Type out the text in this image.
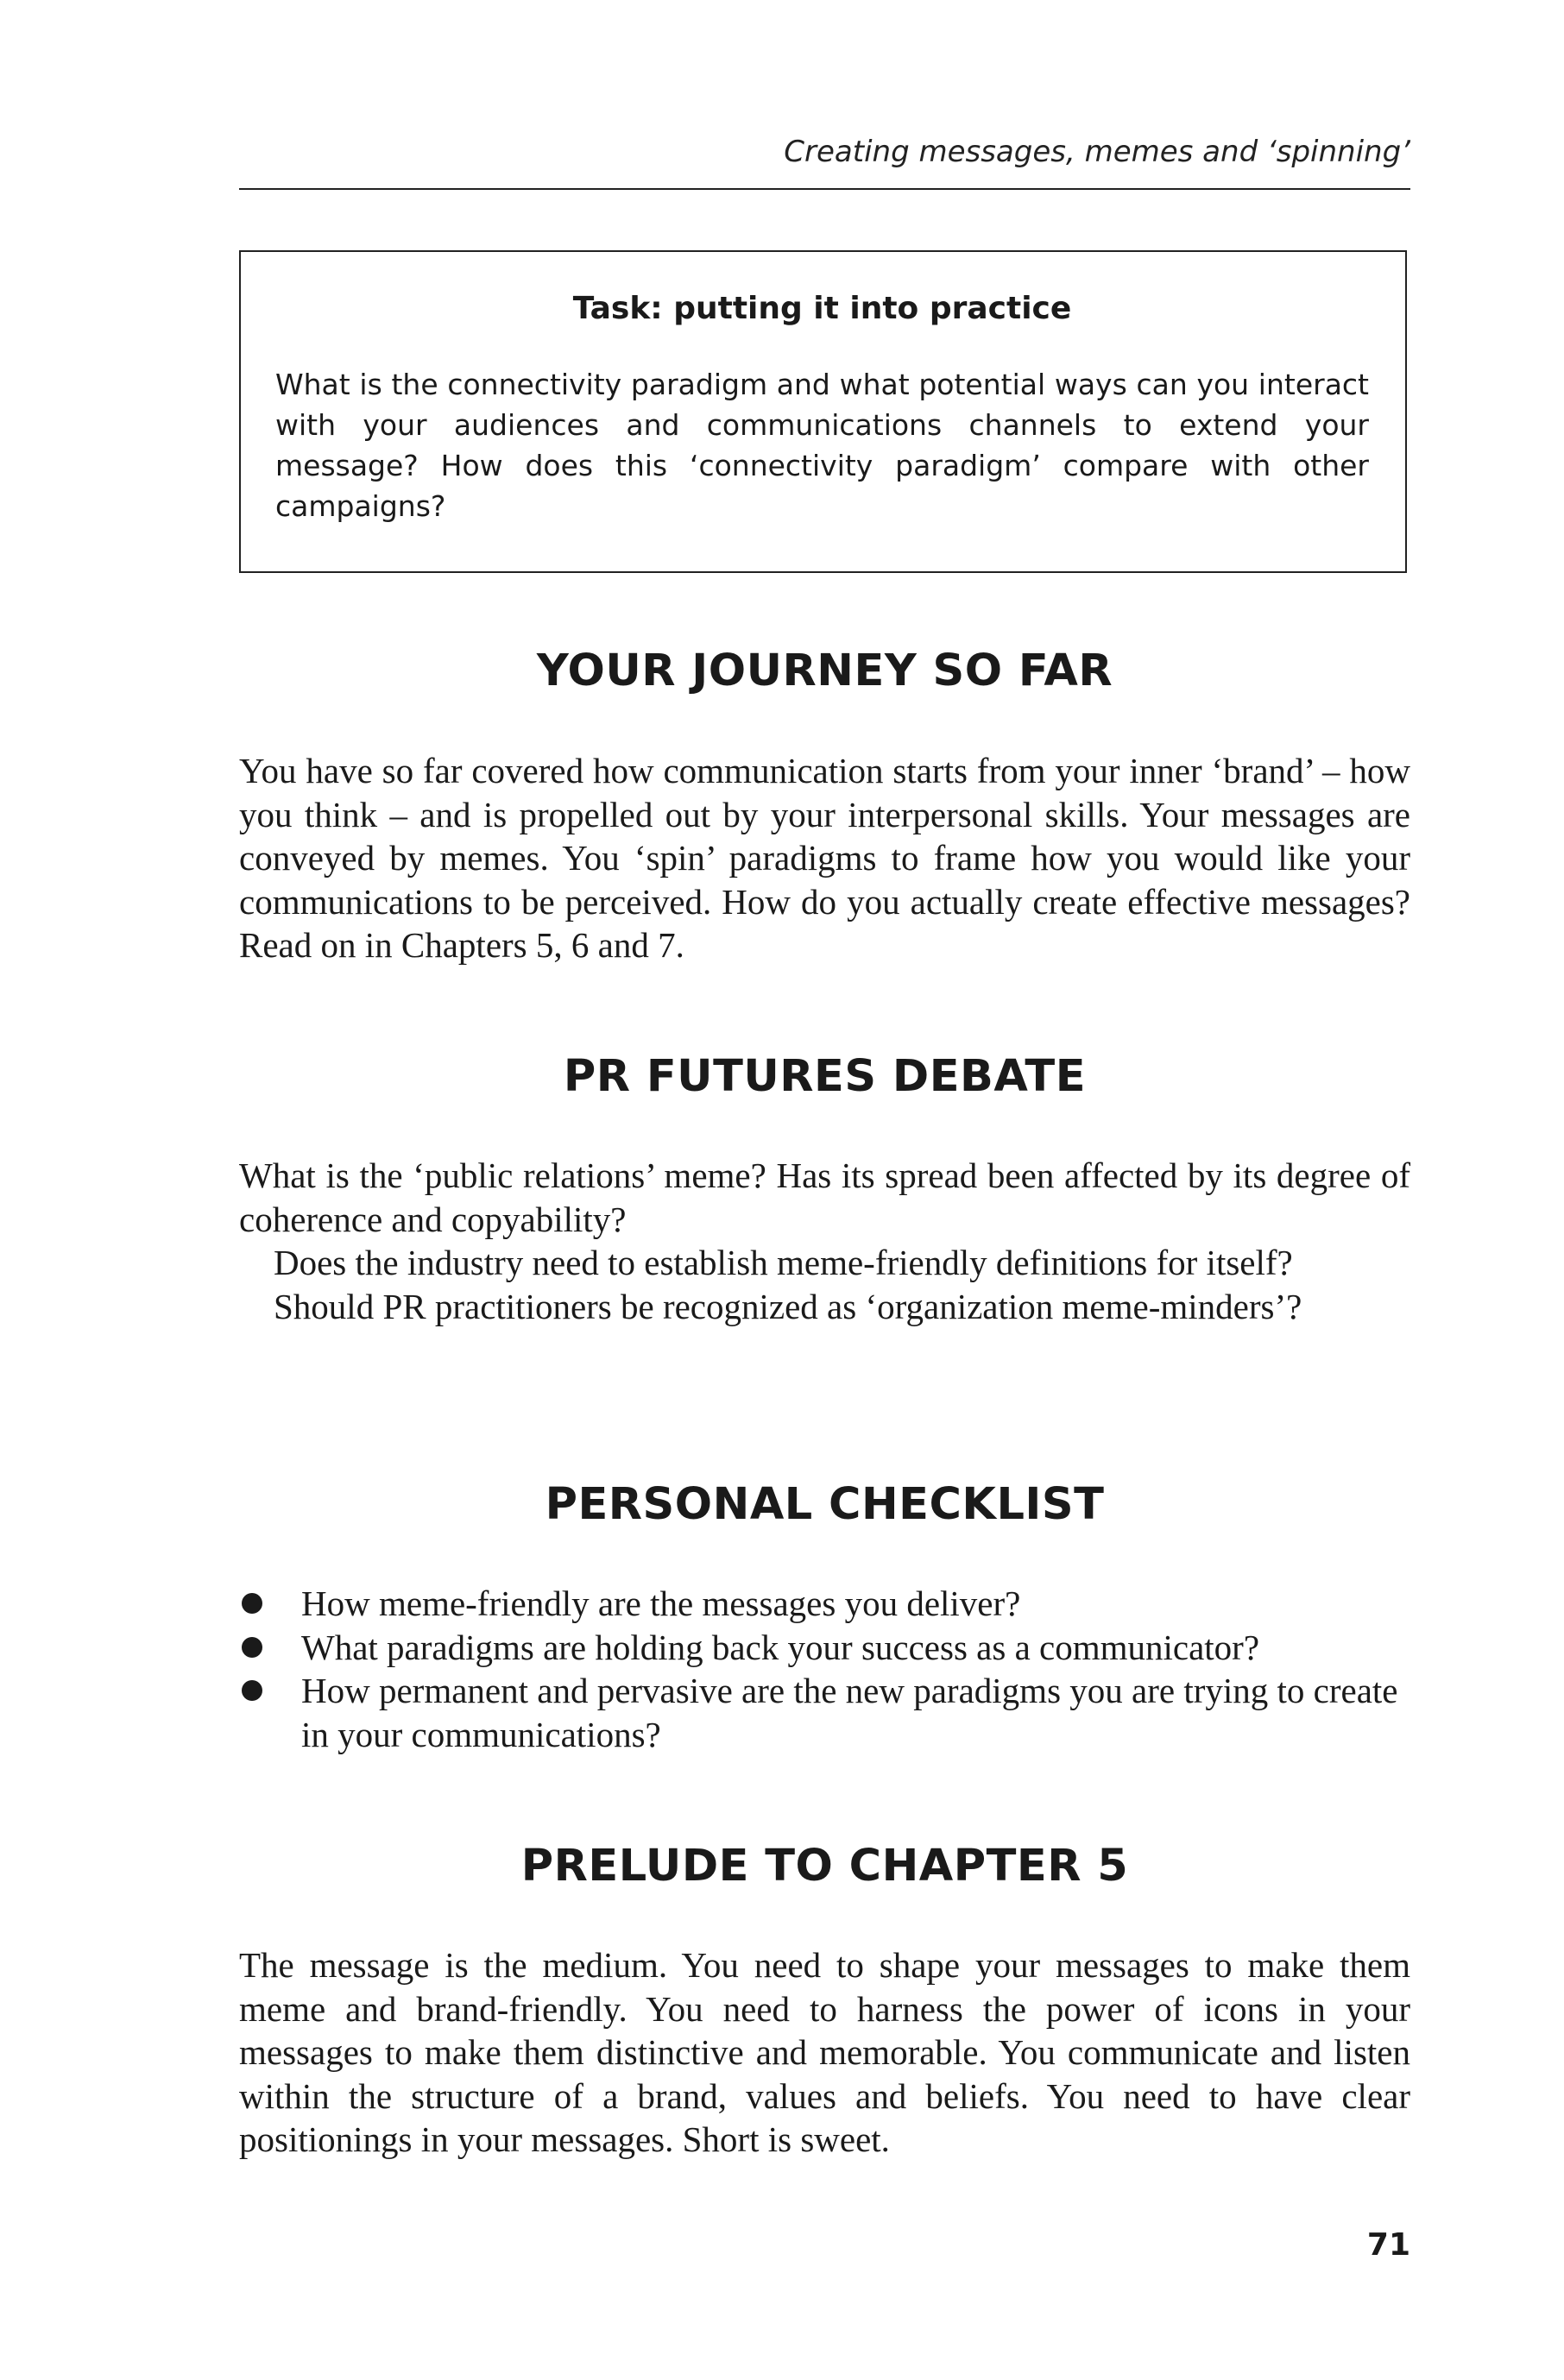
Creating messages, memes and ‘spinning’

Task: putting it into practice

What is the connectivity paradigm and what potential ways can you interact with your audiences and communications channels to extend your message? How does this ‘connectivity paradigm’ compare with other campaigns?

YOUR JOURNEY SO FAR

You have so far covered how communication starts from your inner ‘brand’ – how you think – and is propelled out by your interpersonal skills. Your messages are conveyed by memes. You ‘spin’ paradigms to frame how you would like your communications to be perceived. How do you actually create effective messages? Read on in Chapters 5, 6 and 7.

PR FUTURES DEBATE

What is the ‘public relations’ meme? Has its spread been affected by its degree of coherence and copyability?

Does the industry need to establish meme-friendly definitions for itself?

Should PR practitioners be recognized as ‘organization meme-minders’?

PERSONAL CHECKLIST
How meme-friendly are the messages you deliver?
What paradigms are holding back your success as a communicator?
How permanent and pervasive are the new paradigms you are trying to create in your communications?
PRELUDE TO CHAPTER 5

The message is the medium. You need to shape your messages to make them meme and brand-friendly. You need to harness the power of icons in your messages to make them distinctive and memorable. You communicate and listen within the structure of a brand, values and beliefs. You need to have clear positionings in your messages. Short is sweet.

71
